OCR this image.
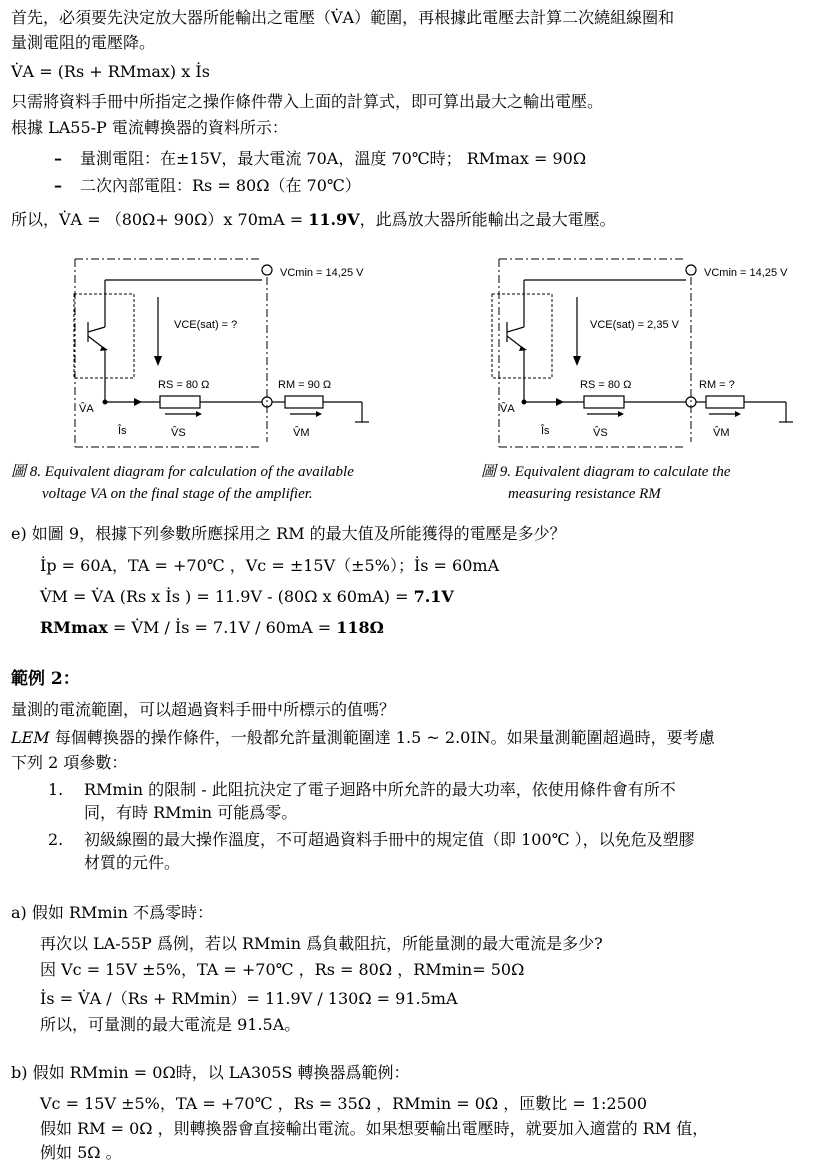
首先，必須要先決定放大器所能輸出之電壓（V̇A）範圍，再根據此電壓去計算二次繞組線圈和
量測電阻的電壓降。
V̇A = (Rs + RMmax) x İs
只需將資料手冊中所指定之操作條件帶入上面的計算式，即可算出最大之輸出電壓。
根據 LA55-P 電流轉換器的資料所示：
– 量測電阻：在±15V，最大電流 70A，溫度 70℃時； RMmax = 90Ω
– 二次內部電阻：Rs = 80Ω（在 70℃）
所以，V̇A = （80Ω+ 90Ω）x 70mA = 11.9V，此爲放大器所能輸出之最大電壓。
VCmin = 14,25 V
VCE(sat) = ?
RS = 80 Ω	RM = 90 Ω
V̂A
Îs	V̂S	V̂M
VCmin = 14,25 V
VCE(sat) = 2,35 V
RS = 80 Ω	RM = ?
V̂A
Îs	V̂S	V̂M
圖 8. Equivalent diagram for calculation of the available
voltage VA on the final stage of the amplifier.
圖 9. Equivalent diagram to calculate the
measuring resistance RM
e) 如圖 9，根據下列參數所應採用之 RM 的最大值及所能獲得的電壓是多少？
İp = 60A，TA = +70℃ ，Vc = ±15V（±5%）；İs = 60mA
V̇M = V̇A (Rs x İs ) = 11.9V - (80Ω x 60mA) = 7.1V
RMmax = V̇M / İs = 7.1V / 60mA = 118Ω
範例 2：
量測的電流範圍，可以超過資料手冊中所標示的值嗎？
LEM 每個轉換器的操作條件，一般都允許量測範圍達 1.5 ~ 2.0IN。如果量測範圍超過時，要考慮
下列 2 項參數：
1. RMmin 的限制 - 此阻抗決定了電子迴路中所允許的最大功率，依使用條件會有所不
同，有時 RMmin 可能爲零。
2. 初級線圈的最大操作溫度，不可超過資料手冊中的規定值（即 100℃ ），以免危及塑膠
材質的元件。
a) 假如 RMmin 不爲零時：
再次以 LA-55P 爲例，若以 RMmin 爲負載阻抗，所能量測的最大電流是多少?
因 Vc = 15V ±5%，TA = +70℃ ，Rs = 80Ω ，RMmin= 50Ω
İs = V̇A /（Rs + RMmin）= 11.9V / 130Ω = 91.5mA
所以，可量測的最大電流是 91.5A。
b) 假如 RMmin = 0Ω時，以 LA305S 轉換器爲範例：
Vc = 15V ±5%，TA = +70℃ ，Rs = 35Ω ，RMmin = 0Ω ，匝數比 = 1:2500
假如 RM = 0Ω ，則轉換器會直接輸出電流。如果想要輸出電壓時，就要加入適當的 RM 值，
例如 5Ω 。
